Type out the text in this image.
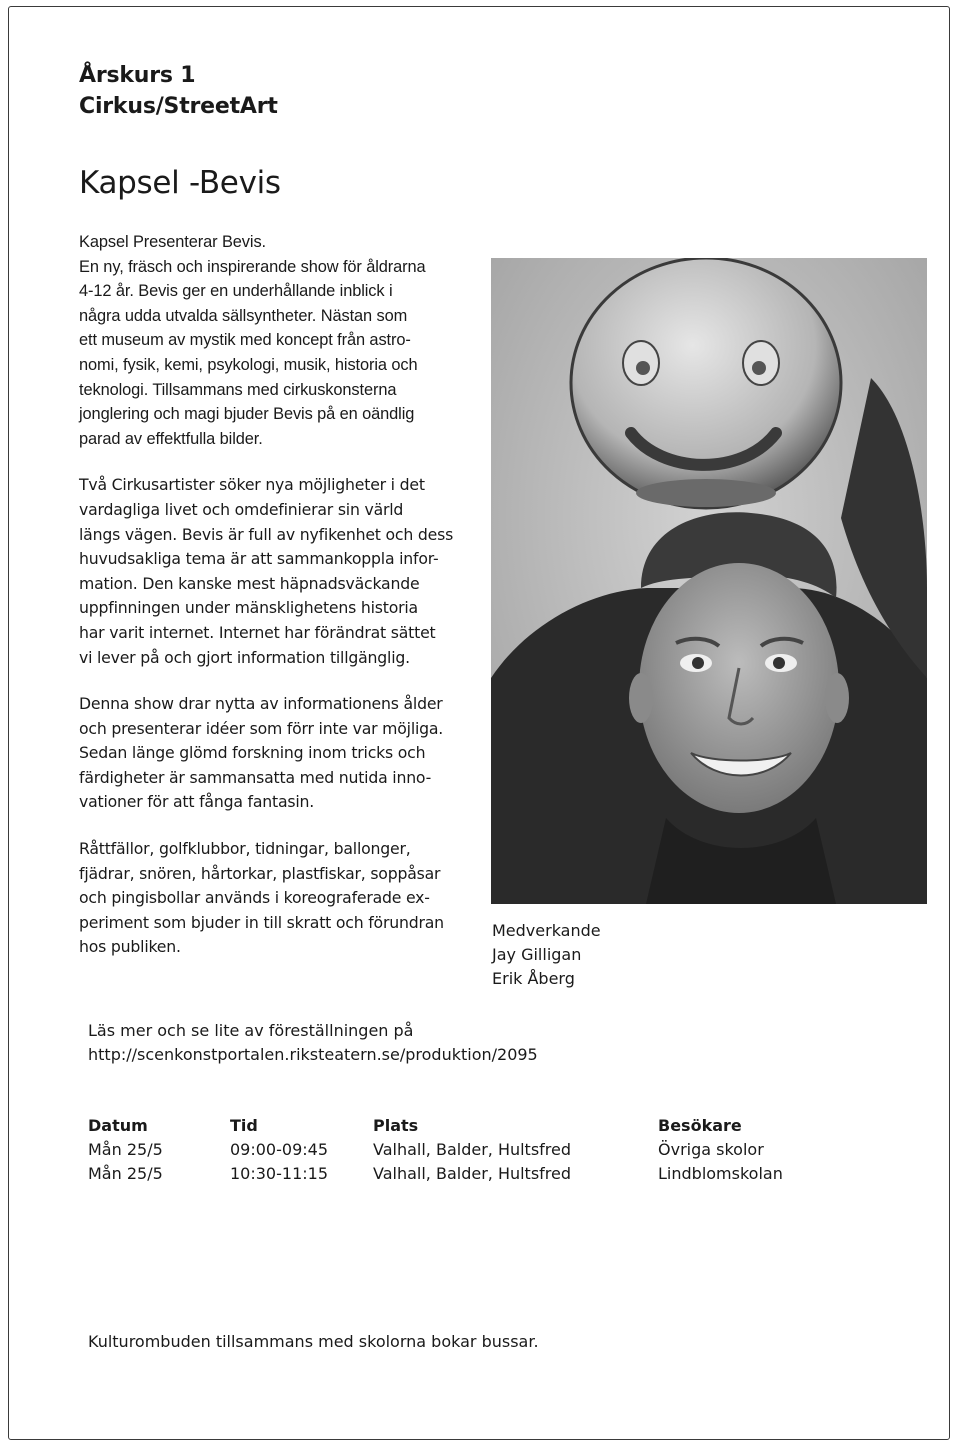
Årskurs 1
Cirkus/StreetArt
Kapsel -Bevis

Kapsel Presenterar Bevis.
En ny, fräsch och inspirerande show för åldrarna
4-12 år. Bevis ger en underhållande inblick i
några udda utvalda sällsyntheter. Nästan som
ett museum av mystik med koncept från astro-
nomi, fysik, kemi, psykologi, musik, historia och
teknologi. Tillsammans med cirkuskonsterna
jonglering och magi bjuder Bevis på en oändlig
parad av effektfulla bilder.

Två Cirkusartister söker nya möjligheter i det
vardagliga livet och omdefinierar sin värld
längs vägen. Bevis är full av nyfikenhet och dess
huvudsakliga tema är att sammankoppla infor-
mation. Den kanske mest häpnadsväckande
uppfinningen under mänsklighetens historia
har varit internet. Internet har förändrat sättet
vi lever på och gjort information tillgänglig.

Denna show drar nytta av informationens ålder
och presenterar idéer som förr inte var möjliga.
Sedan länge glömd forskning inom tricks och
färdigheter är sammansatta med nutida inno-
vationer för att fånga fantasin.

Råttfällor, golfklubbor, tidningar, ballonger,
fjädrar, snören, hårtorkar, plastfiskar, soppåsar
och pingisbollar används i koreograferade ex-
periment som bjuder in till skratt och förundran
hos publiken.

Medverkande
Jay Gilligan
Erik Åberg
Läs mer och se lite av föreställningen på
http://scenkonstportalen.riksteatern.se/produktion/2095
Datum	Tid	Plats	Besökare
Mån 25/5	09:00-09:45	Valhall, Balder, Hultsfred	Övriga skolor
Mån 25/5	10:30-11:15	Valhall, Balder, Hultsfred	Lindblomskolan
Kulturombuden tillsammans med skolorna bokar bussar.
